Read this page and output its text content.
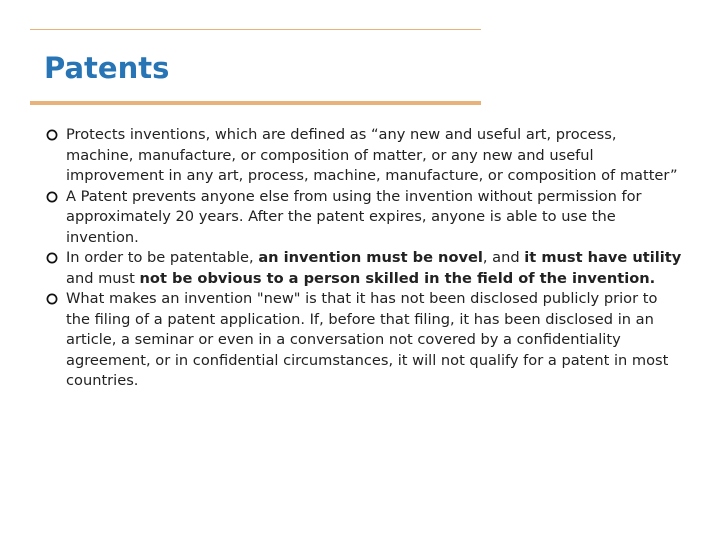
Patents
Protects inventions, which are defined as “any new and useful art, process, machine, manufacture, or composition of matter, or any new and useful improvement in any art, process, machine, manufacture, or composition of matter”
A Patent prevents anyone else from using the invention without permission for approximately 20 years. After the patent expires, anyone is able to use the invention.
In order to be patentable, an invention must be novel, and it must have utility and must not be obvious to a person skilled in the field of the invention.
What makes an invention "new" is that it has not been disclosed publicly prior to the filing of a patent application. If, before that filing, it has been disclosed in an article, a seminar or even in a conversation not covered by a confidentiality agreement, or in confidential circumstances, it will not qualify for a patent in most countries.
